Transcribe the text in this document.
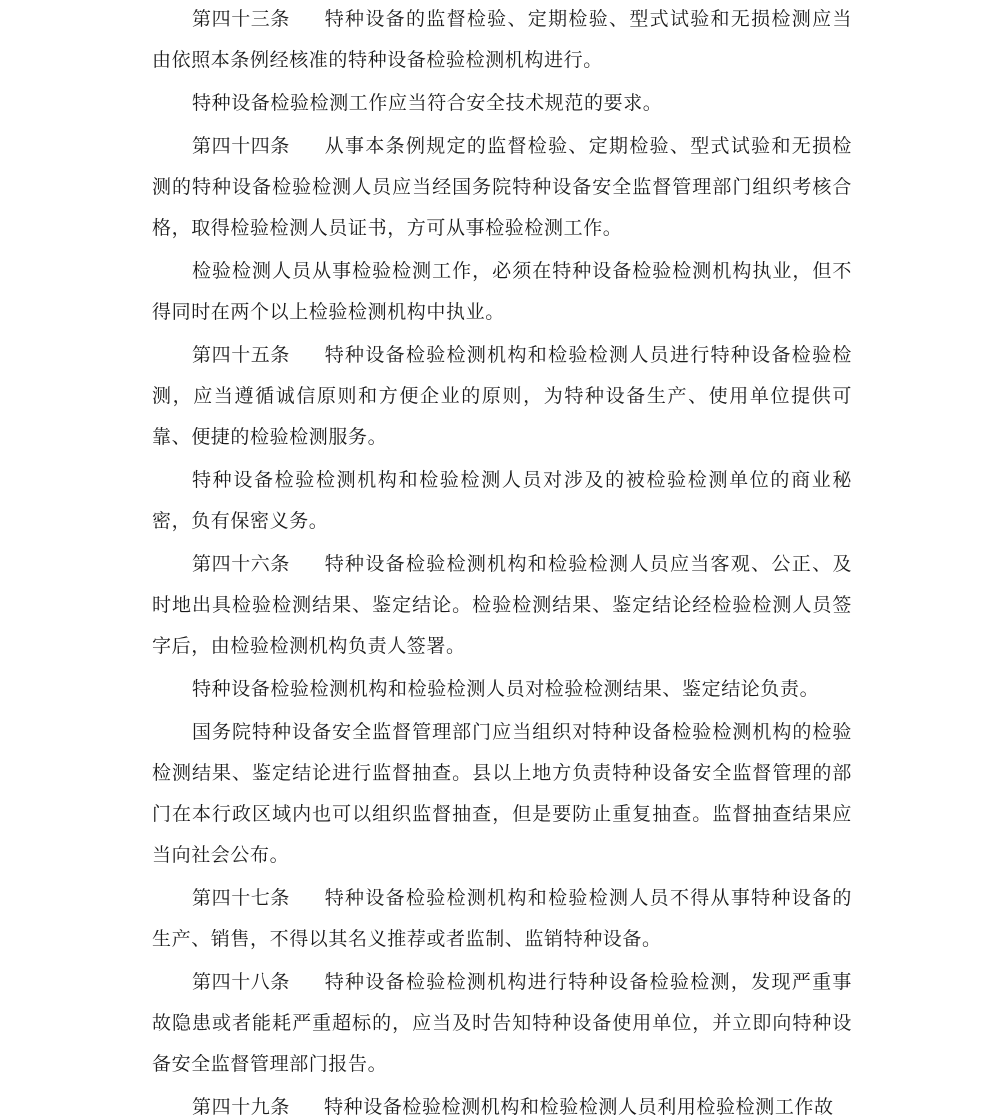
第四十三条 特种设备的监督检验、定期检验、型式试验和无损检测应当由依照本条例经核准的特种设备检验检测机构进行。

特种设备检验检测工作应当符合安全技术规范的要求。

第四十四条 从事本条例规定的监督检验、定期检验、型式试验和无损检测的特种设备检验检测人员应当经国务院特种设备安全监督管理部门组织考核合格，取得检验检测人员证书，方可从事检验检测工作。

检验检测人员从事检验检测工作，必须在特种设备检验检测机构执业，但不得同时在两个以上检验检测机构中执业。

第四十五条 特种设备检验检测机构和检验检测人员进行特种设备检验检测，应当遵循诚信原则和方便企业的原则，为特种设备生产、使用单位提供可靠、便捷的检验检测服务。

特种设备检验检测机构和检验检测人员对涉及的被检验检测单位的商业秘密，负有保密义务。

第四十六条 特种设备检验检测机构和检验检测人员应当客观、公正、及时地出具检验检测结果、鉴定结论。检验检测结果、鉴定结论经检验检测人员签字后，由检验检测机构负责人签署。

特种设备检验检测机构和检验检测人员对检验检测结果、鉴定结论负责。

国务院特种设备安全监督管理部门应当组织对特种设备检验检测机构的检验检测结果、鉴定结论进行监督抽查。县以上地方负责特种设备安全监督管理的部门在本行政区域内也可以组织监督抽查，但是要防止重复抽查。监督抽查结果应当向社会公布。

第四十七条 特种设备检验检测机构和检验检测人员不得从事特种设备的生产、销售，不得以其名义推荐或者监制、监销特种设备。

第四十八条 特种设备检验检测机构进行特种设备检验检测，发现严重事故隐患或者能耗严重超标的，应当及时告知特种设备使用单位，并立即向特种设备安全监督管理部门报告。

第四十九条 特种设备检验检测机构和检验检测人员利用检验检测工作故
